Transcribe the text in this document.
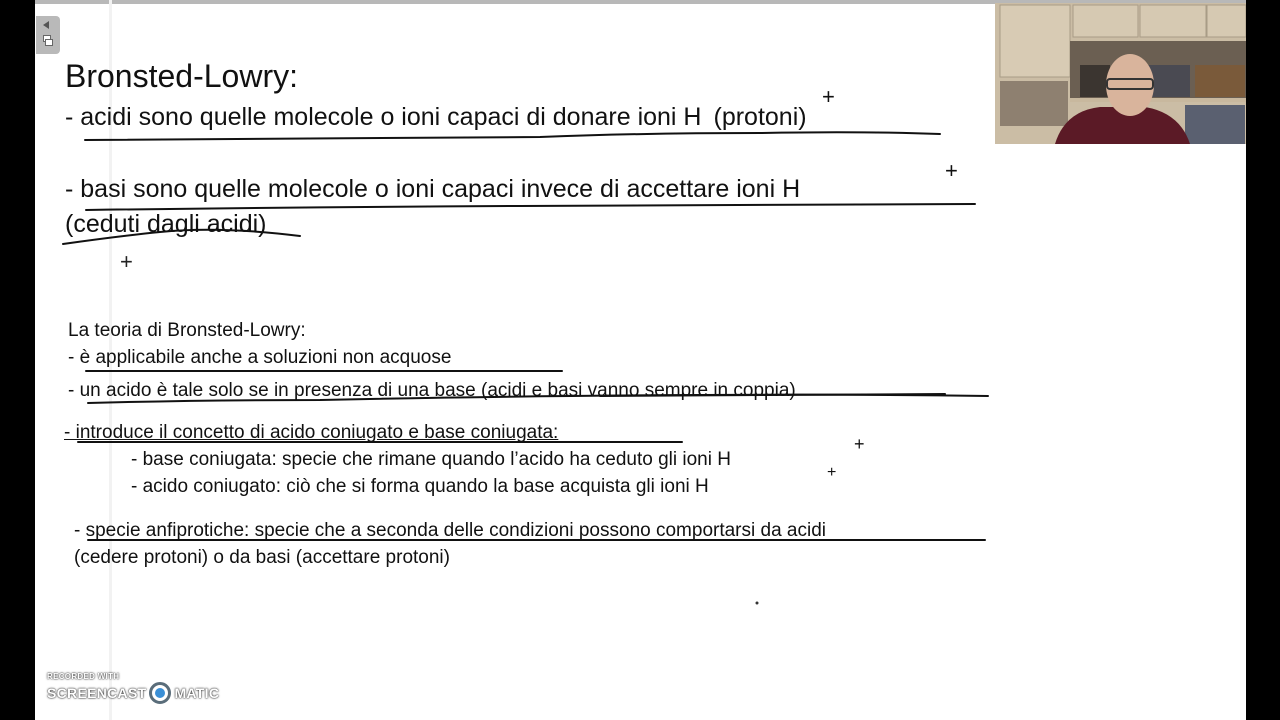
Bronsted-Lowry:
- acidi sono quelle molecole o ioni capaci di donare ioni H (protoni)
+
- basi sono quelle molecole o ioni capaci invece di accettare ioni H
+
(ceduti dagli acidi)
+
La teoria di Bronsted-Lowry:
- è applicabile anche a soluzioni non acquose
- un acido è tale solo se in presenza di una base (acidi e basi vanno sempre in coppia)
- introduce il concetto di acido coniugato e base coniugata:
- base coniugata: specie che rimane quando l’acido ha ceduto gli ioni H
+
- acido coniugato: ciò che si forma quando la base acquista gli ioni H
+
- specie anfiprotiche: specie che a seconda delle condizioni possono comportarsi da acidi
(cedere protoni) o da basi (accettare protoni)
RECORDED WITH
SCREENCAST MATIC
